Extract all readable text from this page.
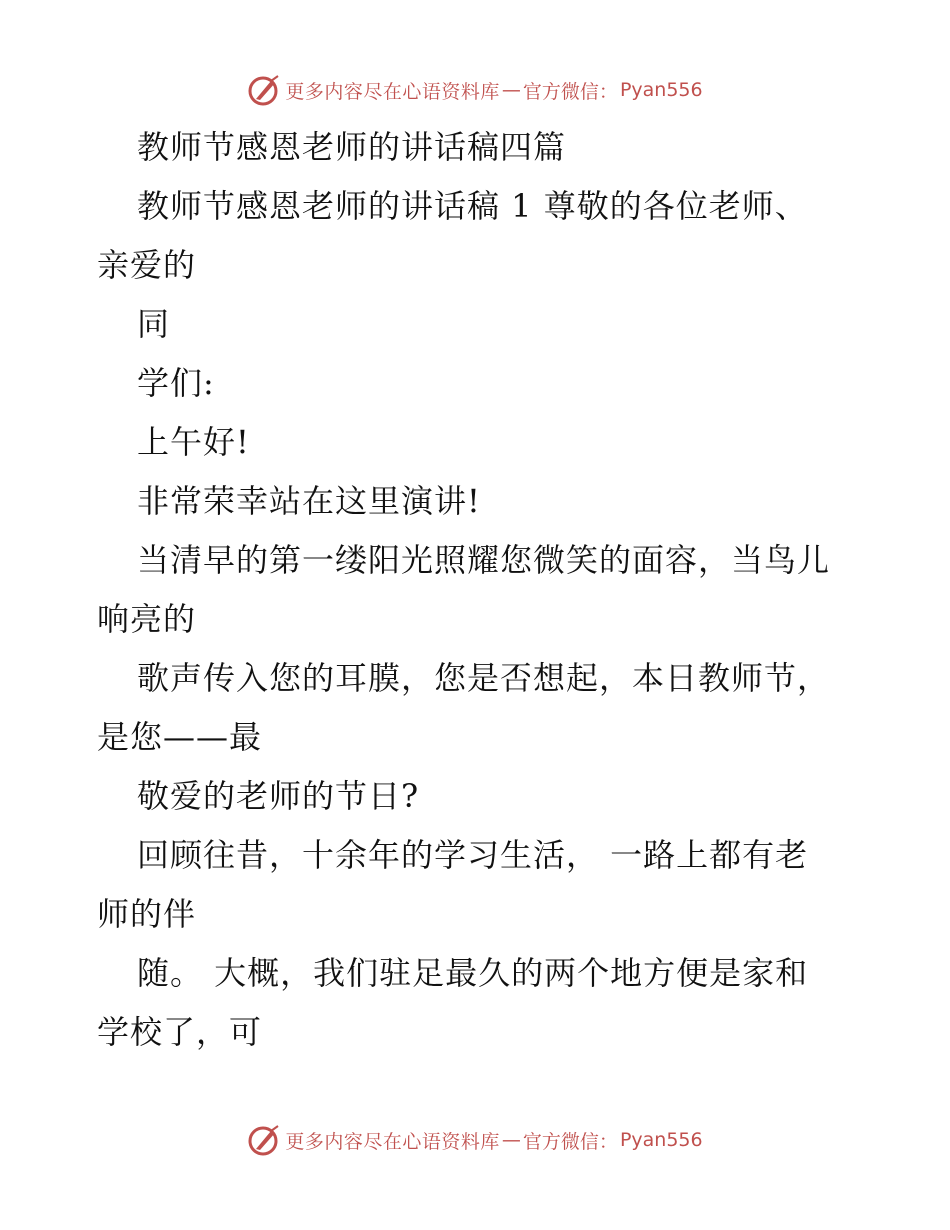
更多内容尽在心语资料库 — 官方微信： Pyan556
教师节感恩老师的讲话稿四篇
教师节感恩老师的讲话稿 1 尊敬的各位老师、
亲爱的
同
学们:
上午好!
非常荣幸站在这里演讲!
当清早的第一缕阳光照耀您微笑的面容，当鸟儿
响亮的
歌声传入您的耳膜，您是否想起，本日教师节，
是您——最
敬爱的老师的节日?
回顾往昔，十余年的学习生活， 一路上都有老
师的伴
随。 大概，我们驻足最久的两个地方便是家和
学校了，可
更多内容尽在心语资料库 — 官方微信： Pyan556
